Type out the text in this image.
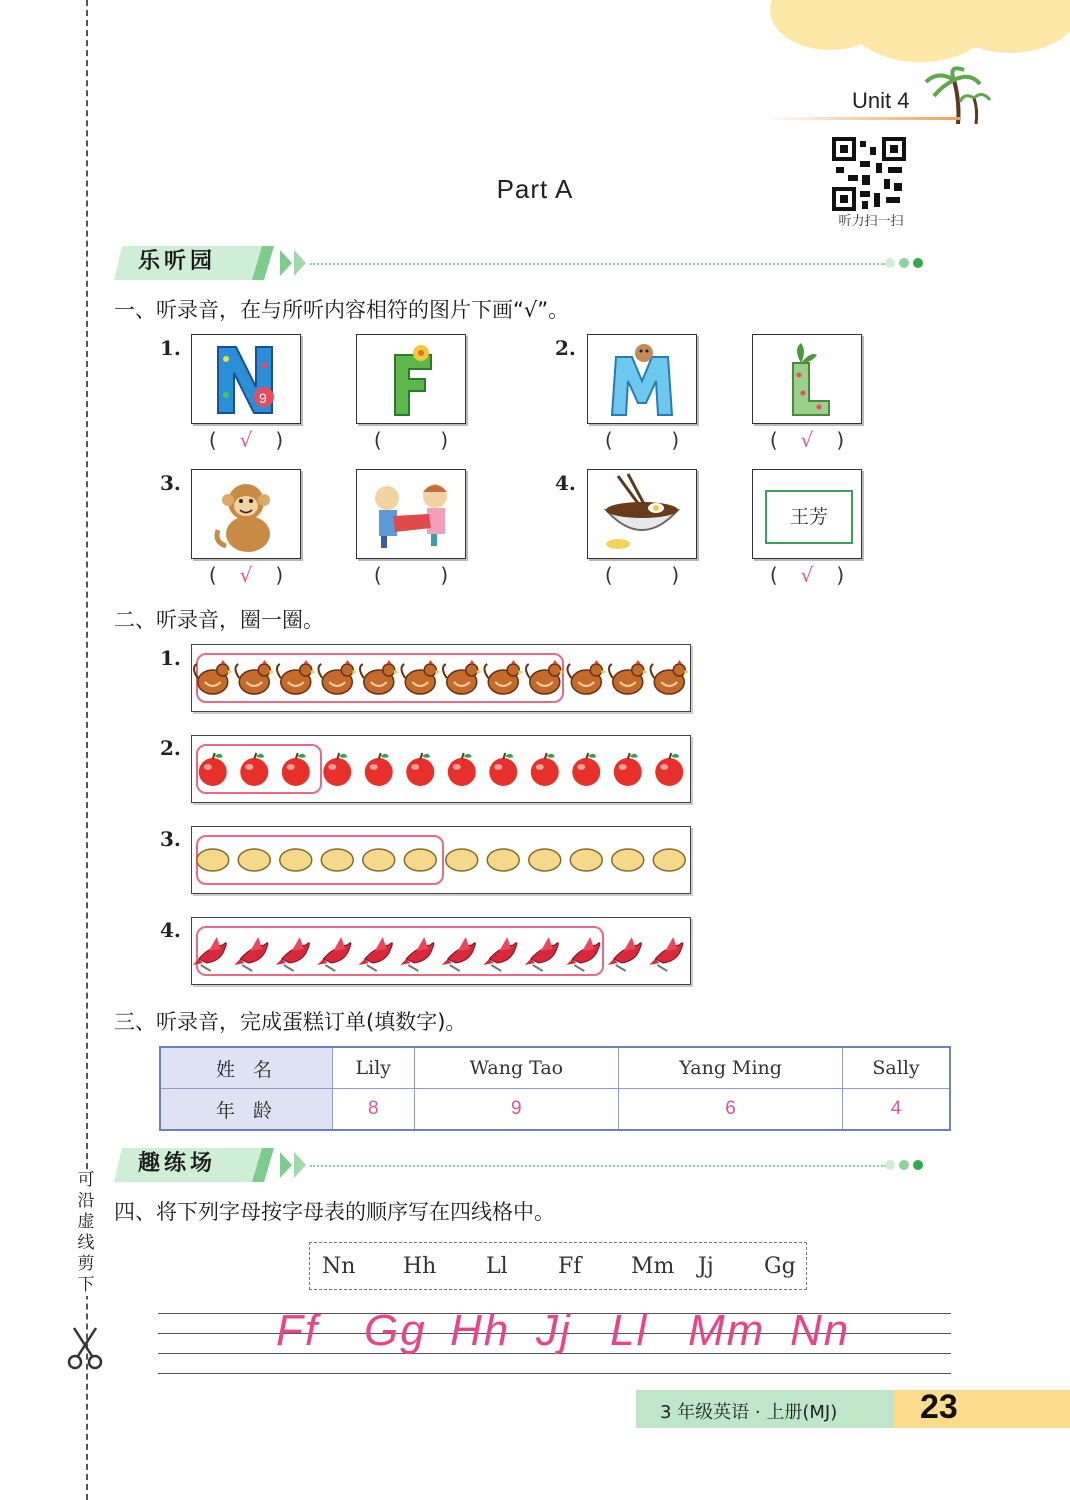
可
沿
虚
线
剪
下
Unit 4
听力扫一扫
Part A
乐听园
一、听录音，在与所听内容相符的图片下画“√”。
1.	2.
3.	4.
9
( √ )	(  )	(  )	( √ )
王芳
( √ )	(  )	(  )	( √ )
二、听录音，圈一圈。
1.
2.
3.
4.
三、听录音，完成蛋糕订单(填数字)。
姓名	Lily	Wang Tao	Yang Ming	Sally
年龄	8	9	6	4
趣练场
四、将下列字母按字母表的顺序写在四线格中。
Nn Hh Ll Ff Mm Jj Gg
Ff Gg Hh Jj Ll Mm Nn
3 年级英语 · 上册(MJ) 23
